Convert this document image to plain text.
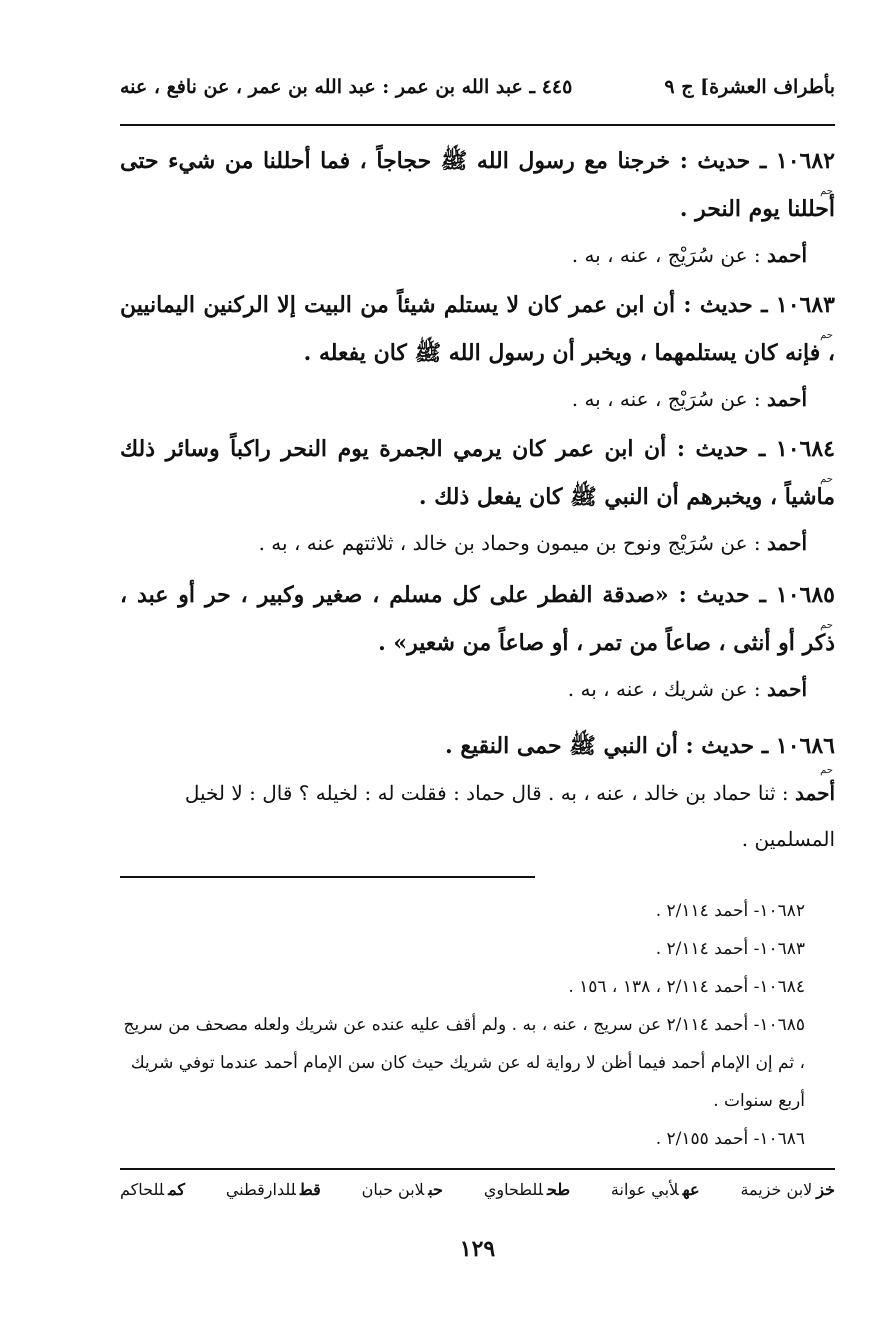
بأطراف العشرة] ج ٩
٤٤٥ ـ عبد الله بن عمر : عبد الله بن عمر ، عن نافع ، عنه
حم
١٠٦٨٢ ـ حديث : خرجنا مع رسول الله ﷺ حجاجاً ، فما أحللنا من شيء حتى أحللنا يوم النحر .
أحمد : عن سُرَيْج ، عنه ، به .
حم
١٠٦٨٣ ـ حديث : أن ابن عمر كان لا يستلم شيئاً من البيت إلا الركنين اليمانيين ، فإنه كان يستلمهما ، ويخبر أن رسول الله ﷺ كان يفعله .
أحمد : عن سُرَيْج ، عنه ، به .
حم
١٠٦٨٤ ـ حديث : أن ابن عمر كان يرمي الجمرة يوم النحر راكباً وسائر ذلك ماشياً ، ويخبرهم أن النبي ﷺ كان يفعل ذلك .
أحمد : عن سُرَيْج ونوح بن ميمون وحماد بن خالد ، ثلاثتهم عنه ، به .
حم
١٠٦٨٥ ـ حديث : «صدقة الفطر على كل مسلم ، صغير وكبير ، حر أو عبد ، ذكر أو أنثى ، صاعاً من تمر ، أو صاعاً من شعير» .
أحمد : عن شريك ، عنه ، به .
حم
١٠٦٨٦ ـ حديث : أن النبي ﷺ حمى النقيع .
أحمد : ثنا حماد بن خالد ، عنه ، به . قال حماد : فقلت له : لخيله ؟ قال : لا لخيل المسلمين .

١٠٦٨٢- أحمد ٢/١١٤ .

١٠٦٨٣- أحمد ٢/١١٤ .

١٠٦٨٤- أحمد ٢/١١٤ ، ١٣٨ ، ١٥٦ .

١٠٦٨٥- أحمد ٢/١١٤ عن سريج ، عنه ، به . ولم أقف عليه عنده عن شريك ولعله مصحف من سريج ، ثم إن الإمام أحمد فيما أظن لا رواية له عن شريك حيث كان سن الإمام أحمد عندما توفي شريك أربع سنوات .

١٠٦٨٦- أحمد ٢/١٥٥ .

خزلابن خزيمة
عهلأبي عوانة
طحللطحاوي
حبلابن حبان
قطللدارقطني
كمللحاكم
١٢٩
